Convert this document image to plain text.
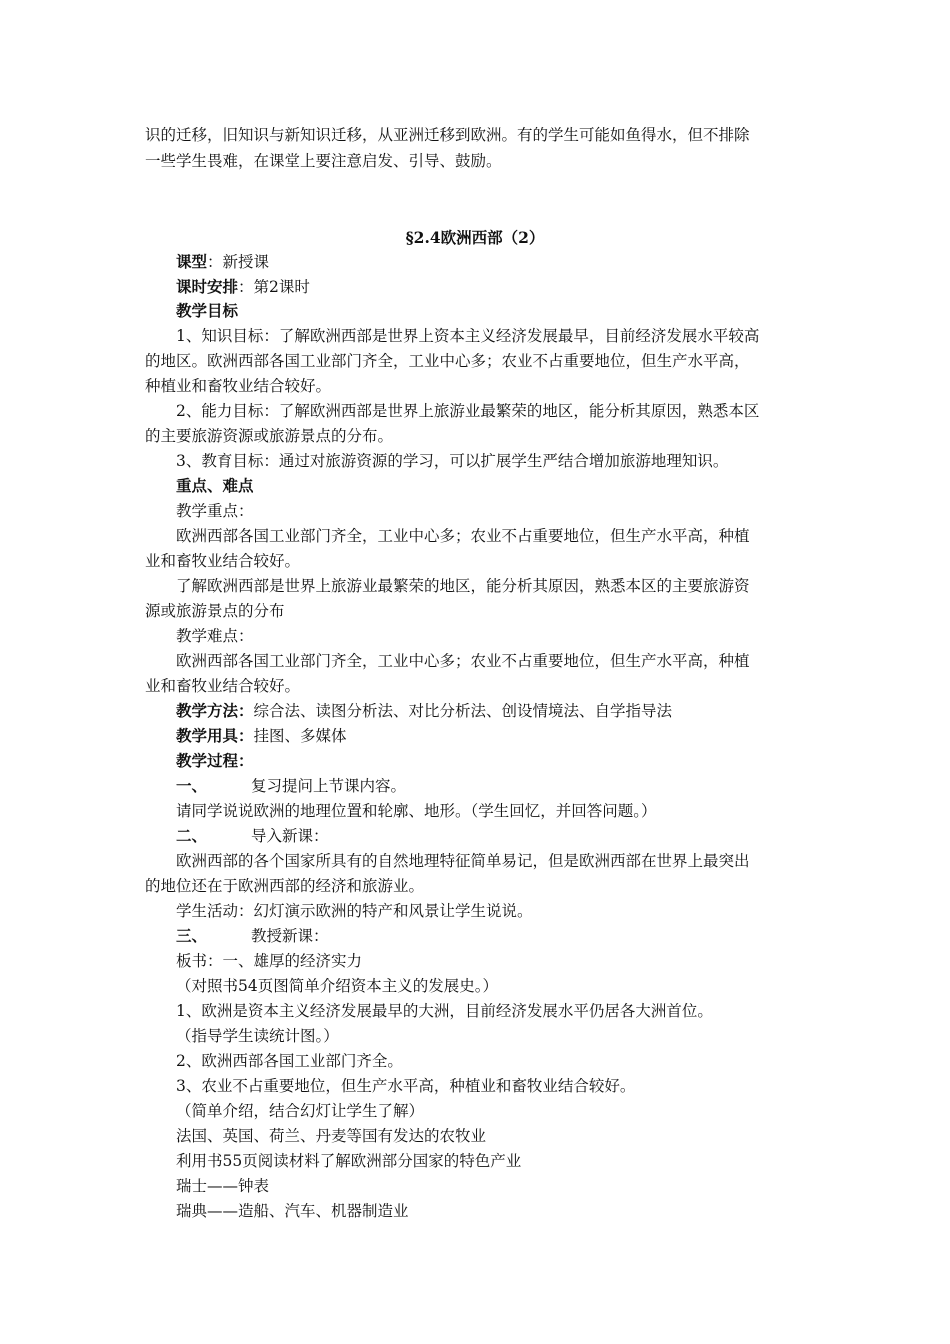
识的迁移，旧知识与新知识迁移，从亚洲迁移到欧洲。有的学生可能如鱼得水，但不排除
一些学生畏难，在课堂上要注意启发、引导、鼓励。
§2.4欧洲西部（2）
课型：新授课
课时安排：第2课时
教学目标
1、知识目标：了解欧洲西部是世界上资本主义经济发展最早，目前经济发展水平较高
的地区。欧洲西部各国工业部门齐全，工业中心多；农业不占重要地位，但生产水平高，
种植业和畜牧业结合较好。
2、能力目标：了解欧洲西部是世界上旅游业最繁荣的地区，能分析其原因，熟悉本区
的主要旅游资源或旅游景点的分布。
3、教育目标：通过对旅游资源的学习，可以扩展学生严结合增加旅游地理知识。
重点、难点
教学重点：
欧洲西部各国工业部门齐全，工业中心多；农业不占重要地位，但生产水平高，种植
业和畜牧业结合较好。
了解欧洲西部是世界上旅游业最繁荣的地区，能分析其原因，熟悉本区的主要旅游资
源或旅游景点的分布
教学难点：
欧洲西部各国工业部门齐全，工业中心多；农业不占重要地位，但生产水平高，种植
业和畜牧业结合较好。
教学方法：综合法、读图分析法、对比分析法、创设情境法、自学指导法
教学用具：挂图、多媒体
教学过程：
一、	复习提问上节课内容。
请同学说说欧洲的地理位置和轮廓、地形。（学生回忆，并回答问题。）
二、	导入新课：
欧洲西部的各个国家所具有的自然地理特征简单易记，但是欧洲西部在世界上最突出
的地位还在于欧洲西部的经济和旅游业。
学生活动：幻灯演示欧洲的特产和风景让学生说说。
三、	教授新课：
板书：一、雄厚的经济实力
（对照书54页图简单介绍资本主义的发展史。）
1、欧洲是资本主义经济发展最早的大洲，目前经济发展水平仍居各大洲首位。
（指导学生读统计图。）
2、欧洲西部各国工业部门齐全。
3、农业不占重要地位，但生产水平高，种植业和畜牧业结合较好。
（简单介绍，结合幻灯让学生了解）
法国、英国、荷兰、丹麦等国有发达的农牧业
利用书55页阅读材料了解欧洲部分国家的特色产业
瑞士——钟表
瑞典——造船、汽车、机器制造业
